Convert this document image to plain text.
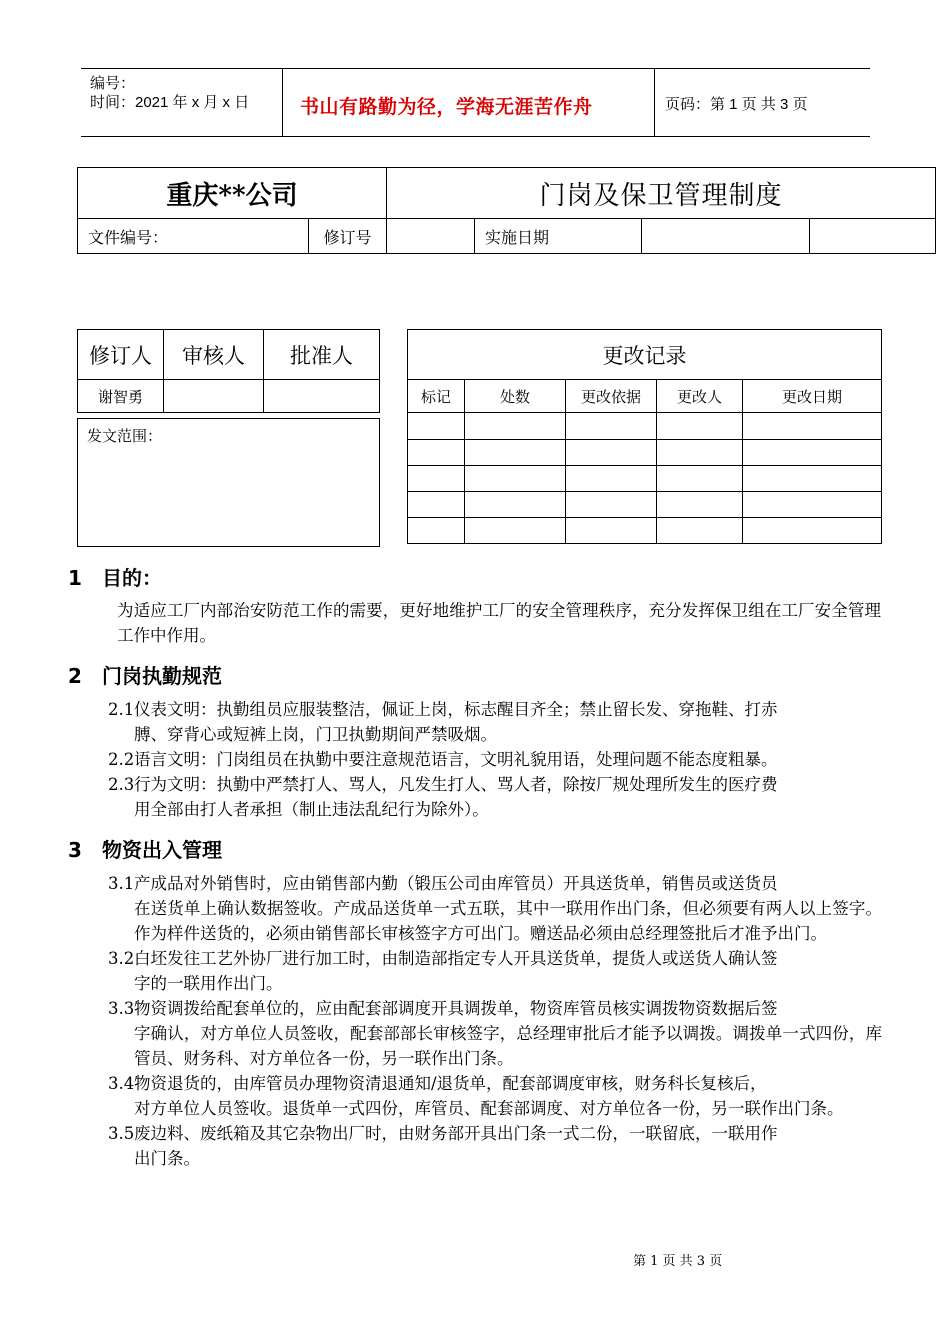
编号：
时间：2021 年 x 月 x 日	书山有路勤为径，学海无涯苦作舟	页码：第 1 页 共 3 页
重庆**公司		门岗及保卫管理制度			
文件编号：	修订号		实施日期		
修订人	审核人	批准人
谢智勇		
发文范围：
更改记录				
标记	处数	更改依据	更改人	更改日期

1 目的：
为适应工厂内部治安防范工作的需要，更好地维护工厂的安全管理秩序，充分发挥保卫组在工厂安全管理工作中作用。
2 门岗执勤规范
2.1仪表文明：执勤组员应服装整洁，佩证上岗，标志醒目齐全；禁止留长发、穿拖鞋、打赤
膊、穿背心或短裤上岗，门卫执勤期间严禁吸烟。
2.2语言文明：门岗组员在执勤中要注意规范语言，文明礼貌用语，处理问题不能态度粗暴。
2.3行为文明：执勤中严禁打人、骂人，凡发生打人、骂人者，除按厂规处理所发生的医疗费
用全部由打人者承担（制止违法乱纪行为除外）。
3 物资出入管理
3.1产成品对外销售时，应由销售部内勤（锻压公司由库管员）开具送货单，销售员或送货员
在送货单上确认数据签收。产成品送货单一式五联，其中一联用作出门条，但必须要有两人以上签字。作为样件送货的，必须由销售部长审核签字方可出门。赠送品必须由总经理签批后才准予出门。
3.2白坯发往工艺外协厂进行加工时，由制造部指定专人开具送货单，提货人或送货人确认签
字的一联用作出门。
3.3物资调拨给配套单位的，应由配套部调度开具调拨单，物资库管员核实调拨物资数据后签
字确认，对方单位人员签收，配套部部长审核签字，总经理审批后才能予以调拨。调拨单一式四份，库管员、财务科、对方单位各一份，另一联作出门条。
3.4物资退货的，由库管员办理物资清退通知/退货单，配套部调度审核，财务科长复核后，
对方单位人员签收。退货单一式四份，库管员、配套部调度、对方单位各一份，另一联作出门条。
3.5废边料、废纸箱及其它杂物出厂时，由财务部开具出门条一式二份，一联留底，一联用作
出门条。
第 1 页 共 3 页
